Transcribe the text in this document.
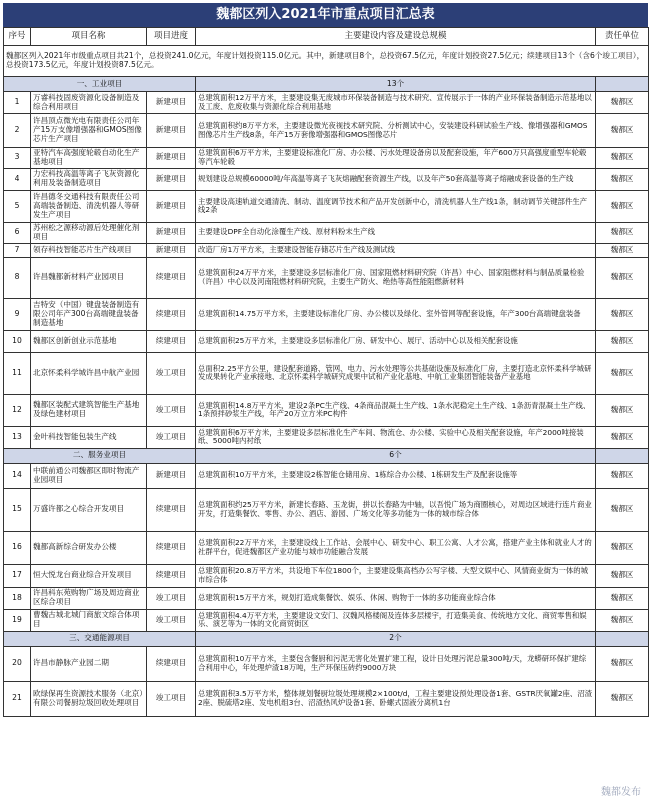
魏都区列入2021年市重点项目汇总表
序号	项目名称	项目进度	主要建设内容及建设总规模	责任单位
魏都区列入2021年市级重点项目共21个，总投资241.0亿元，年度计划投资115.0亿元。其中，新建项目8个，总投资67.5亿元，年度计划投资27.5亿元；续建项目13个（含6个竣工项目），总投资173.5亿元，年度计划投资87.5亿元。				
一、工业项目			13个	
1	万睿科技固废资源化设备制造及综合利用项目	新建项目	总建筑面积12万平方米，主要建设集无废城市环保装备制造与技术研究、宣传展示于一体的产业环保装备制造示范基地以及工废、危废收集与资源化综合利用基地	魏都区
2	许昌顶点微光电有限责任公司年产15万支像增强器和GMOS图像芯片生产项目	新建项目	总建筑面积约8万平方米，主要建设微光夜视技术研究院、分析测试中心，安装建设科研试验生产线、像增强器和GMOS图像芯片生产线8条，年产15万套像增强器和GMOS图像芯片	魏都区
3	亚特汽车高强度轮毂自动化生产基地项目	新建项目	总建筑面积6万平方米，主要建设标准化厂房、办公楼、污水处理设备房以及配套设施，年产600万只高强度重型车轮毂等汽车轮毂	魏都区
4	力宏科技高温等离子飞灰资源化利用及装备制造项目	新建项目	规划建设总规模60000吨/年高温等离子飞灰熔融配套资源生产线，以及年产50套高温等离子熔融成套设备的生产线	魏都区
5	许昌德冬交通科技有限责任公司高端装备制造、清洗机器人等研发生产项目	新建项目	主要建设高速轨道交通清洗、制动、温度调节技术和产品开发创新中心，清洗机器人生产线1条，制动调节关键部件生产线2条	魏都区
6	苏州松之源移动源后处理催化剂项目	新建项目	主要建设DPF全自动化涂覆生产线、原材料粉末生产线	魏都区
7	领存科技智能芯片生产线项目	新建项目	改造厂房1万平方米，主要建设智能存储芯片生产线及测试线	魏都区
8	许昌魏都新材料产业园项目	续建项目	总建筑面积24万平方米，主要建设多层标准化厂房、国家阻燃材料研究院（许昌）中心、国家阻燃材料与制品质量检验（许昌）中心以及河南阻燃材料研究院，主要生产防火、绝热等高性能阻燃新材料	魏都区
9	吉特安（中国）键盘装备制造有限公司年产300台高端键盘装备制造基地	续建项目	总建筑面积14.75万平方米，主要建设标准化厂房、办公楼以及绿化、室外管网等配套设施，年产300台高端键盘装备	魏都区
10	魏都区创新创业示范基地	续建项目	总建筑面积25万平方米，主要建设多层标准化厂房、研发中心、展厅、活动中心以及相关配套设施	魏都区
11	北京怀柔科学城许昌中航产业园	竣工项目	总面积2.25平方公里，建设配套道路、管网、电力、污水处理等公共基础设施及标准化厂房，主要打造北京怀柔科学城研发成果转化产业承接地、北京怀柔科学城研究成果中试和产业化基地、中航工业集团智能装备产业基地	魏都区
12	魏都区装配式建筑智能生产基地及绿色建材项目	竣工项目	总建筑面积14.8万平方米，建设2条PC生产线、4条商品混凝土生产线、1条水泥稳定土生产线、1条沥青混凝土生产线、1条预拌砂浆生产线，年产20万立方米PC构件	魏都区
13	金叶科技智能包装生产线	竣工项目	总建筑面积6万平方米，主要建设多层标准化生产车间、物流仓、办公楼、实验中心及相关配套设施，年产2000吨接装纸、5000吨内衬纸	魏都区
二、服务业项目			6个	
14	中联前通公司魏都区即时物流产业园项目	新建项目	总建筑面积10万平方米，主要建设2栋智能仓储用房、1栋综合办公楼、1栋研发生产及配套设施等	魏都区
15	万盛许都之心综合开发项目	续建项目	总建筑面积约25万平方米，新建长春路、玉龙街，拼以长春路为中轴，以吾悦广场为商圈核心，对周边区域进行连片商业开发，打造集餐饮、零售、办公、酒店、游园、广场文化等多功能为一体的城市综合体	魏都区
16	魏都高新综合研发办公楼	续建项目	总建筑面积22万平方米，主要建设线上工作站、会展中心、研发中心、职工公寓、人才公寓，搭建产业主体和就业人才的社群平台，促进魏都区产业功能与城市功能融合发展	魏都区
17	恒大悦龙台商业综合开发项目	续建项目	总建筑面积20.8万平方米，共设地下车位1800个，主要建设集高档办公写字楼、大型文娱中心、风情商业街为一体的城市综合体	魏都区
18	许昌科东苑购物广场及周边商业区综合项目	竣工项目	总建筑面积15万平方米，规划打造成集餐饮、娱乐、休闲、购物于一体的多功能商业综合体	魏都区
19	曹魏古城北城门商旅文综合体项目	竣工项目	总建筑面积4.4万平方米，主要建设文安门、汉魏风格楼阁及连体多层楼宇，打造集美食、传统地方文化、商贸零售和娱乐、演艺等为一体的文化商贸街区	魏都区
三、交通能源项目			2个	
20	许昌市静脉产业园二期	续建项目	总建筑面积10万平方米，主要包含餐厨和污泥无害化处置扩建工程，设计日处理污泥总量300吨/天，龙蟒研环保扩建综合利用中心，年处理炉渣18万吨，生产环保压砖约9000万块	魏都区
21	欧绿保再生资源技术服务（北京）有限公司餐厨垃圾回收处理项目	竣工项目	总建筑面积3.5万平方米，整体规划餐厨垃圾处理规模2×100t/d，工程主要建设预处理设备1套、GSTR厌氧罐2座、沼渣2座、脱硫塔2座、发电机组3台、沼渣热风炉设备1套、卧螺式固液分离机1台	魏都区
魏都发布
